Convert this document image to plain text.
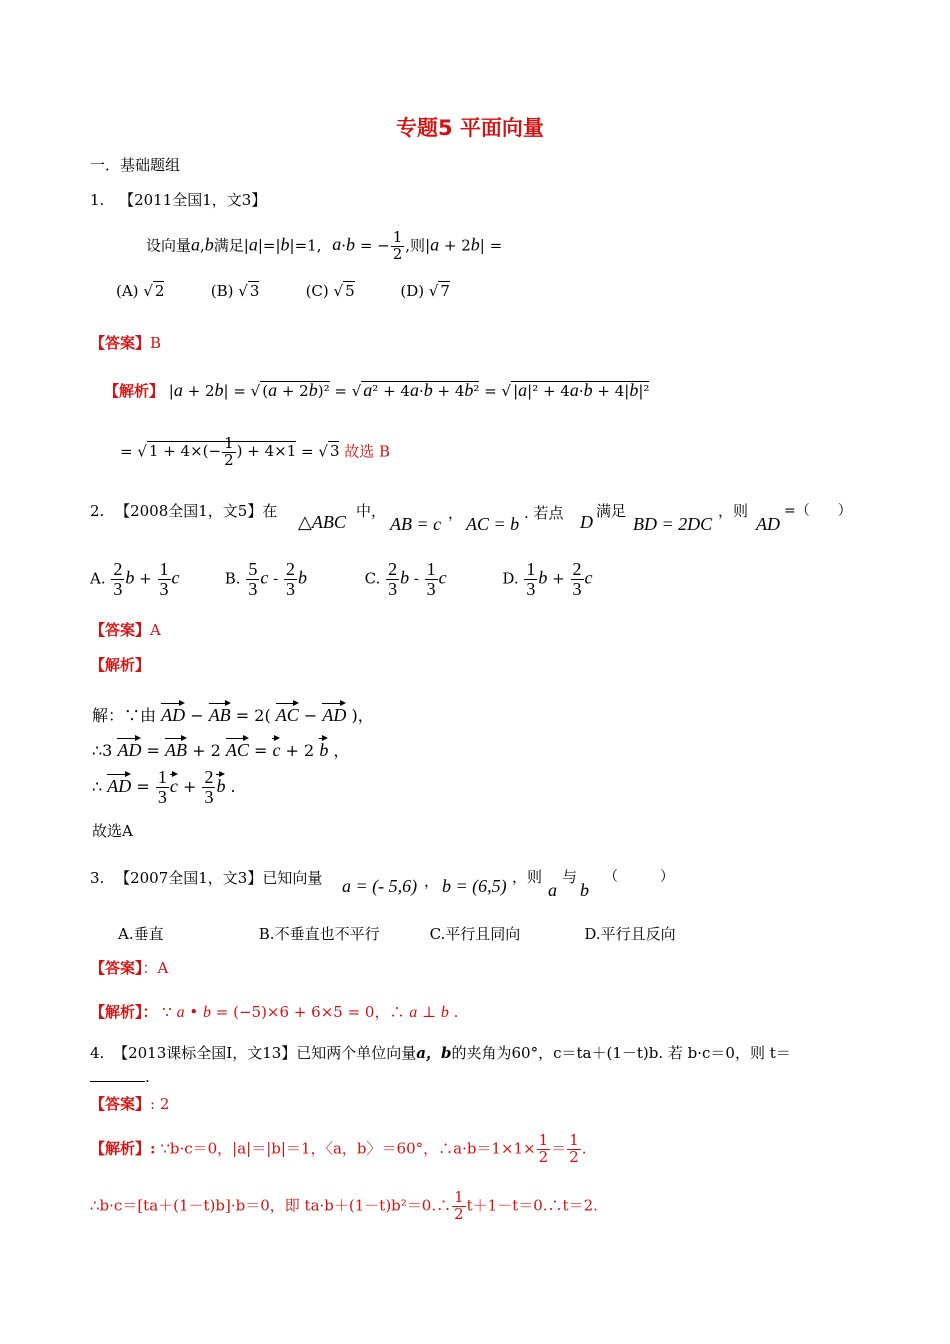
专题5 平面向量
一．基础题组
1. 【2011全国1，文3】
设向量a,b满足|a|=|b|=1, a·b = − $\frac{1}{2}$ ,则|a + 2b| =
(A) √ 2	(B) √ 3	(C) √ 5	(D) √ 7
【答案】B
【解析】 |a + 2b| = √ (a + 2b)² = √ a² + 4a·b + 4b² = √ |a|² + 4a·b + 4|b|²
= √ $1 + 4\times(- \frac{1}{2}$ ) + 4×1 = √ 3 故选 B
2. 【2008全国1，文5】在
△ABC
中，
AB = c
，
AC = b
. 若点 D
满足
BD = 2DC
，则
AD
=（　　）
A. $\frac{2}{3}$ $b + \frac{1}{3}$ c	B. $\frac{5}{3}$ c - $\frac{2}{3}$ b	C. $\frac{2}{3}$ b - $\frac{1}{3}$ c	D. $\frac{1}{3}$ $b + \frac{2}{3}$ c
【答案】A
【解析】
解：∵由 AD − AB = 2( AC − AD )，
∴3 AD = AB + 2 AC = c + 2 b ，
∴ AD = $\frac{1}{3}$ $c + \frac{2}{3}$ b .
故选A
3. 【2007全国1，文3】已知向量 a = (- 5,6) ， b = (6,5) ，则
a
与
b
（　　　）
A.垂直	B.不垂直也不平行	C.平行且同向	D.平行且反向
【答案】：A
【解析】： ∵ a • b = (−5)×6 + 6×5 = 0，∴ a ⊥ b .
4. 【2013课标全国Ⅰ，文13】已知两个单位向量a，b的夹角为60°，c＝ta＋(1－t)b. 若 b·c＝0，则 t＝
.
【答案】: 2
【解析】: ∵b·c＝0，|a|＝|b|＝1，〈a，b〉＝60°，∴a·b＝1×1× $\frac{1}{2} = \frac{1}{2}$ .
∴b·c＝[ta＋(1－t)b]·b＝0，即 ta·b＋(1－t)b²＝0.∴ $\frac{1}{2}$ t＋1－t＝0.∴t＝2.
